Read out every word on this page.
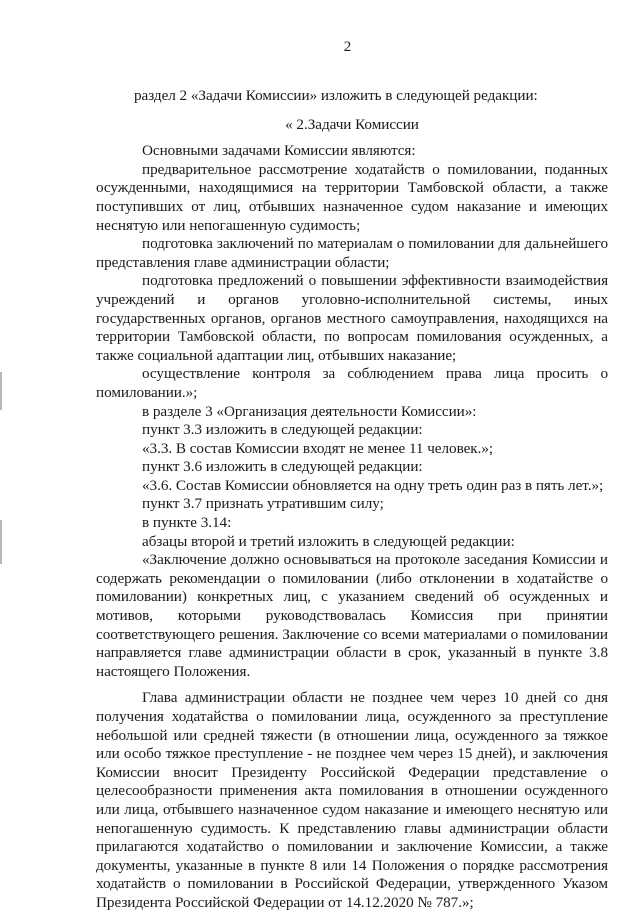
2

раздел 2 «Задачи Комиссии» изложить в следующей редакции:

« 2.Задачи Комиссии

Основными задачами Комиссии являются:

предварительное рассмотрение ходатайств о помиловании, поданных осужденными, находящимися на территории Тамбовской области, а также поступивших от лиц, отбывших назначенное судом наказание и имеющих неснятую или непогашенную судимость;

подготовка заключений по материалам о помиловании для дальнейшего представления главе администрации области;

подготовка предложений о повышении эффективности взаимодействия учреждений и органов уголовно-исполнительной системы, иных государственных органов, органов местного самоуправления, находящихся на территории Тамбовской области, по вопросам помилования осужденных, а также социальной адаптации лиц, отбывших наказание;

осуществление контроля за соблюдением права лица просить о помиловании.»;

в разделе 3 «Организация деятельности Комиссии»:

пункт 3.3 изложить в следующей редакции:

«3.3. В состав Комиссии входят не менее 11 человек.»;

пункт 3.6 изложить в следующей редакции:

«3.6. Состав Комиссии обновляется на одну треть один раз в пять лет.»;

пункт 3.7 признать утратившим силу;

в пункте 3.14:

абзацы второй и третий изложить в следующей редакции:

«Заключение должно основываться на протоколе заседания Комиссии и содержать рекомендации о помиловании (либо отклонении в ходатайстве о помиловании) конкретных лиц, с указанием сведений об осужденных и мотивов, которыми руководствовалась Комиссия при принятии соответствующего решения. Заключение со всеми материалами о помиловании направляется главе администрации области в срок, указанный в пункте 3.8 настоящего Положения.

Глава администрации области не позднее чем через 10 дней со дня получения ходатайства о помиловании лица, осужденного за преступление небольшой или средней тяжести (в отношении лица, осужденного за тяжкое или особо тяжкое преступление - не позднее чем через 15 дней), и заключения Комиссии вносит Президенту Российской Федерации представление о целесообразности применения акта помилования в отношении осужденного или лица, отбывшего назначенное судом наказание и имеющего неснятую или непогашенную судимость. К представлению главы администрации области прилагаются ходатайство о помиловании и заключение Комиссии, а также документы, указанные в пункте 8 или 14 Положения о порядке рассмотрения ходатайств о помиловании в Российской Федерации, утвержденного Указом Президента Российской Федерации от 14.12.2020 № 787.»;
